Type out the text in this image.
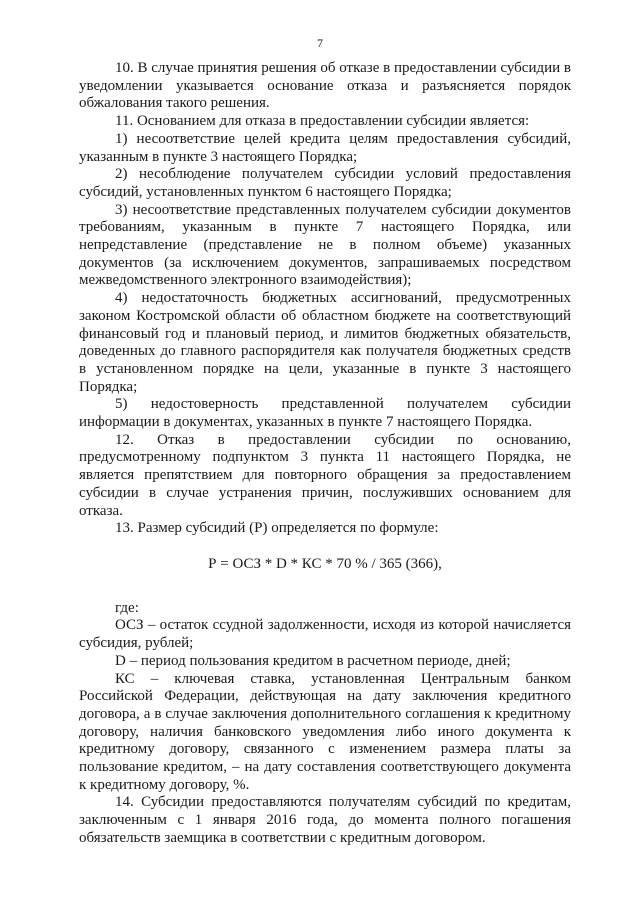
7

10. В случае принятия решения об отказе в предоставлении субсидии в уведомлении указывается основание отказа и разъясняется порядок обжалования такого решения.

11. Основанием для отказа в предоставлении субсидии является:

1) несоответствие целей кредита целям предоставления субсидий, указанным в пункте 3 настоящего Порядка;

2) несоблюдение получателем субсидии условий предоставления субсидий, установленных пунктом 6 настоящего Порядка;

3) несоответствие представленных получателем субсидии документов требованиям, указанным в пункте 7 настоящего Порядка, или непредставление (представление не в полном объеме) указанных документов (за исключением документов, запрашиваемых посредством межведомственного электронного взаимодействия);

4) недостаточность бюджетных ассигнований, предусмотренных законом Костромской области об областном бюджете на соответствующий финансовый год и плановый период, и лимитов бюджетных обязательств, доведенных до главного распорядителя как получателя бюджетных средств в установленном порядке на цели, указанные в пункте 3 настоящего Порядка;

5) недостоверность представленной получателем субсидии информации в документах, указанных в пункте 7 настоящего Порядка.

12. Отказ в предоставлении субсидии по основанию, предусмотренному подпунктом 3 пункта 11 настоящего Порядка, не является препятствием для повторного обращения за предоставлением субсидии в случае устранения причин, послуживших основанием для отказа.

13. Размер субсидий (Р) определяется по формуле:

Р = ОСЗ * D * КС * 70 % / 365 (366),

где:

ОСЗ – остаток ссудной задолженности, исходя из которой начисляется субсидия, рублей;

D – период пользования кредитом в расчетном периоде, дней;

КС – ключевая ставка, установленная Центральным банком Российской Федерации, действующая на дату заключения кредитного договора, а в случае заключения дополнительного соглашения к кредитному договору, наличия банковского уведомления либо иного документа к кредитному договору, связанного с изменением размера платы за пользование кредитом, – на дату составления соответствующего документа к кредитному договору, %.

14. Субсидии предоставляются получателям субсидий по кредитам, заключенным с 1 января 2016 года, до момента полного погашения обязательств заемщика в соответствии с кредитным договором.
